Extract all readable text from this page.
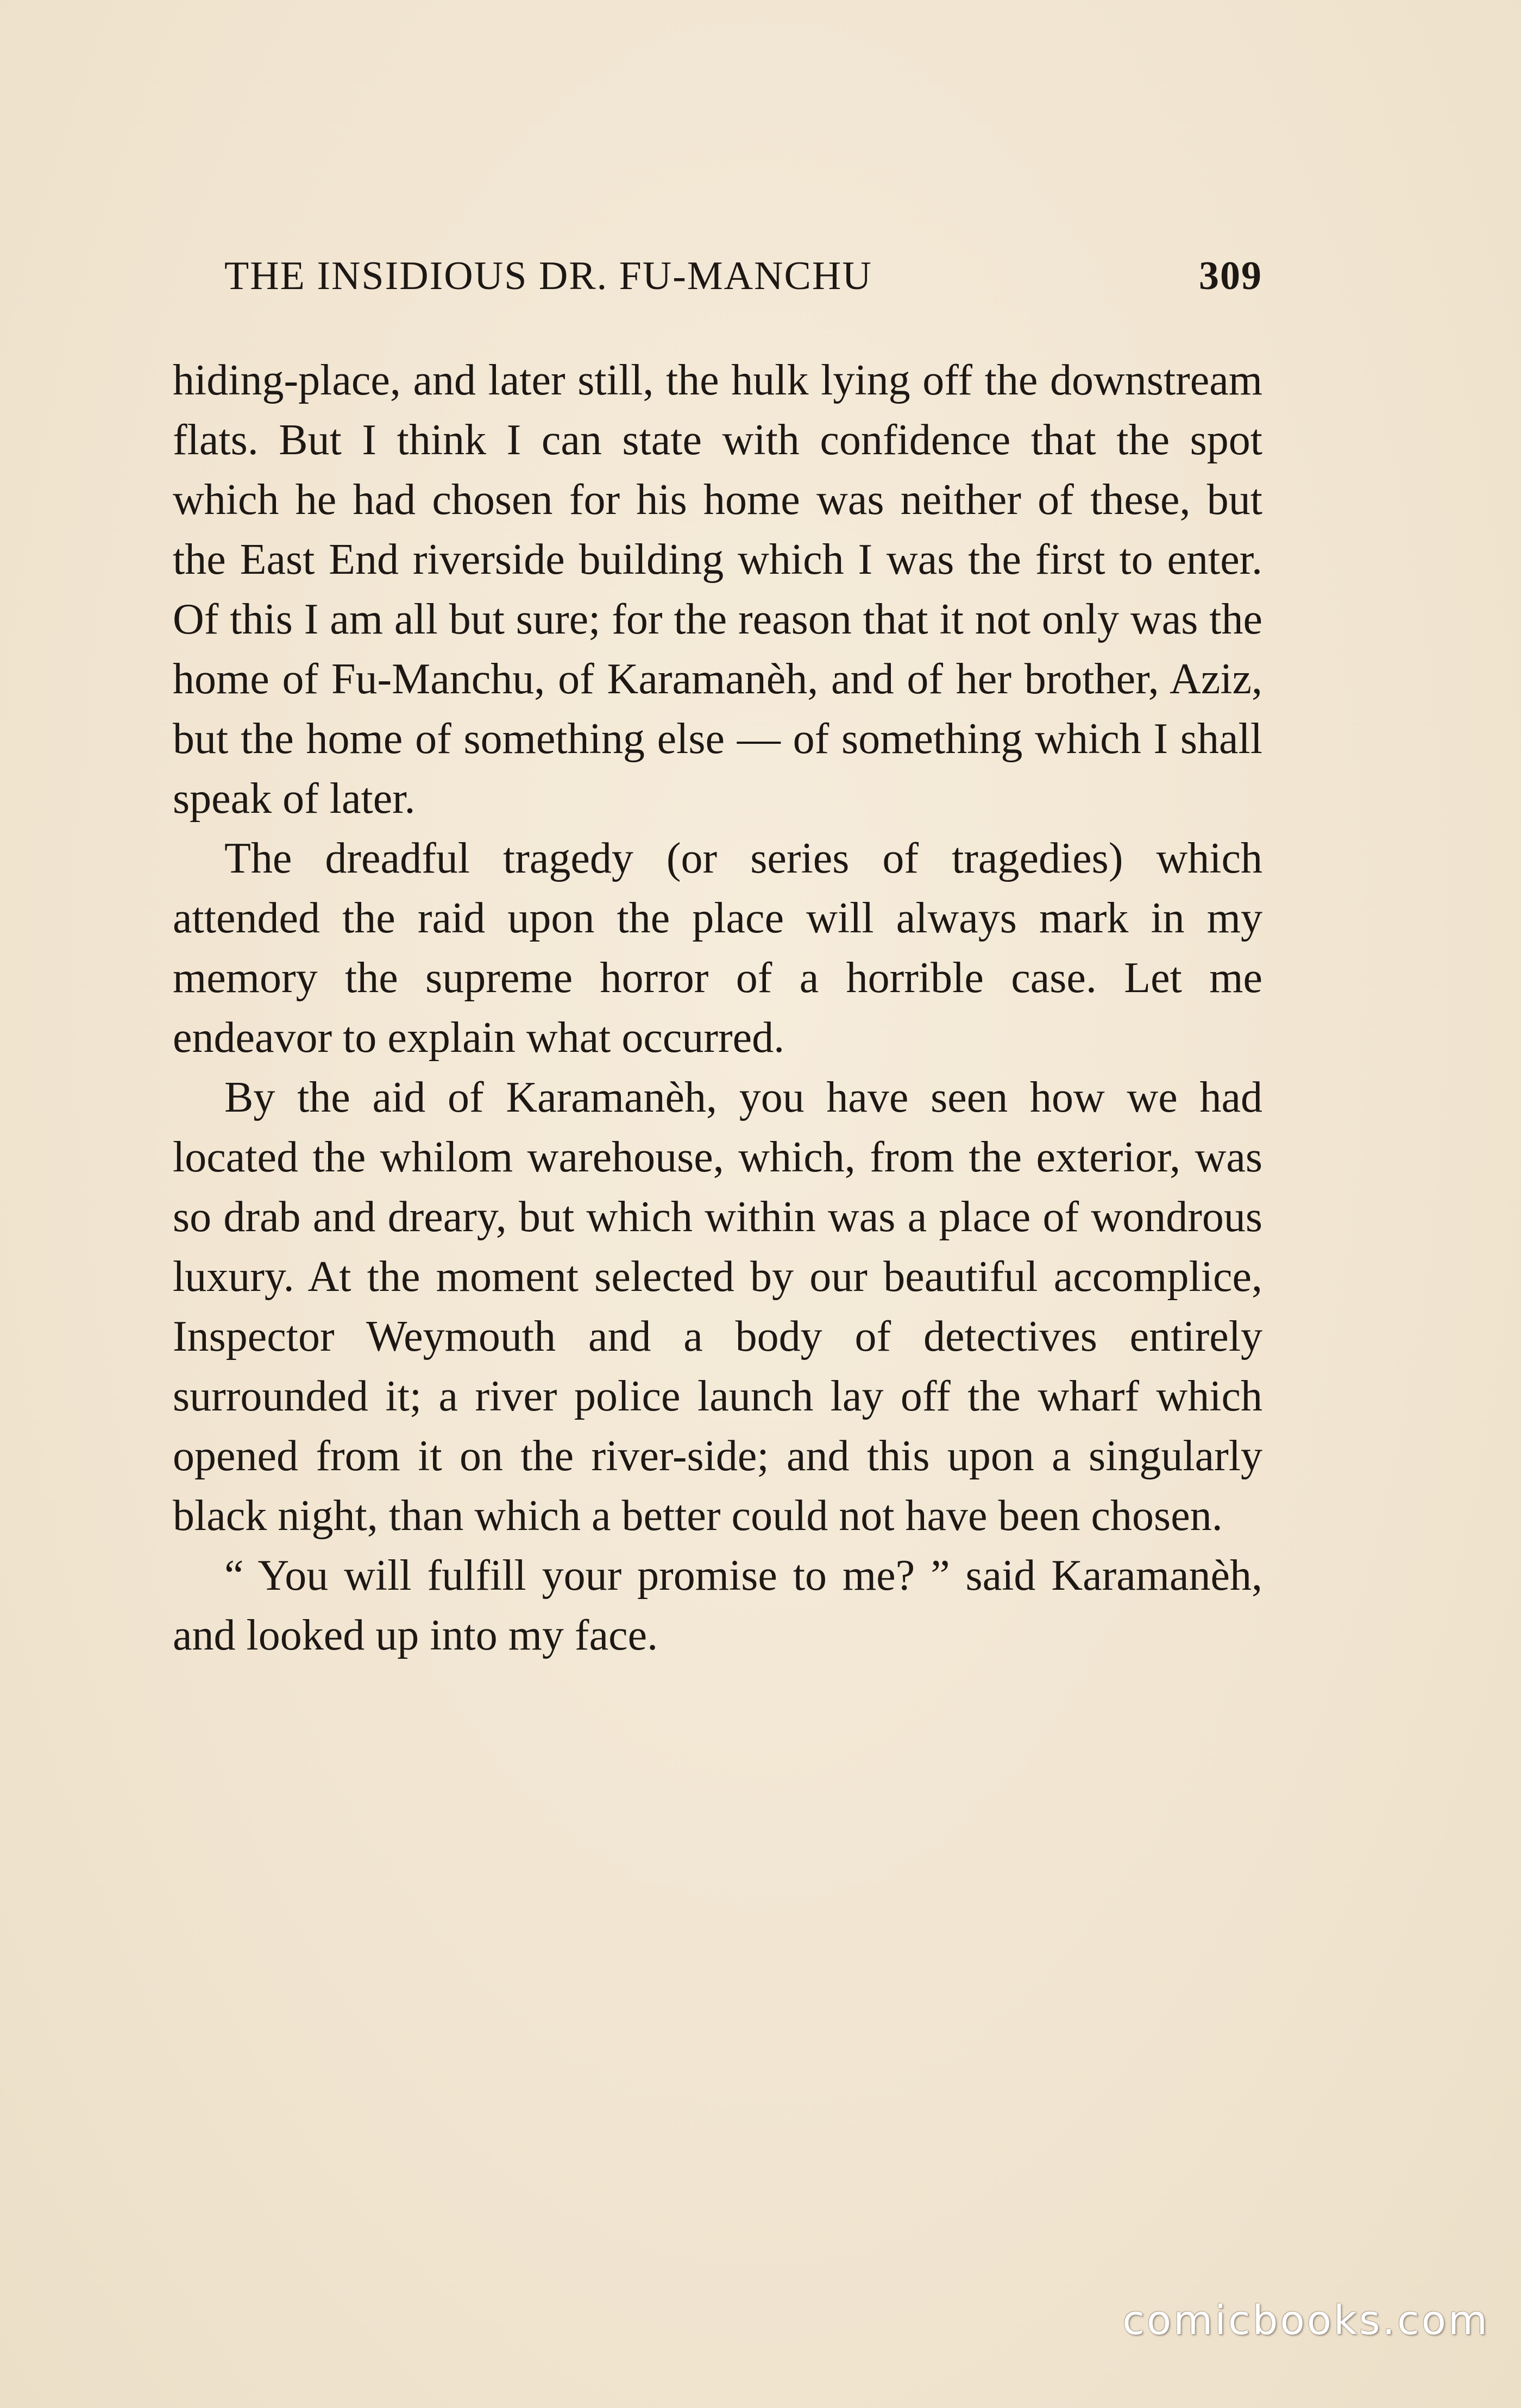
THE INSIDIOUS DR. FU-MANCHU	309

hiding-place, and later still, the hulk lying off the downstream flats. But I think I can state with confidence that the spot which he had chosen for his home was neither of these, but the East End riverside building which I was the first to enter. Of this I am all but sure; for the reason that it not only was the home of Fu-Manchu, of Karamanèh, and of her brother, Aziz, but the home of something else — of something which I shall speak of later.

The dreadful tragedy (or series of tragedies) which attended the raid upon the place will always mark in my memory the supreme horror of a horrible case. Let me endeavor to explain what occurred.

By the aid of Karamanèh, you have seen how we had located the whilom warehouse, which, from the exterior, was so drab and dreary, but which within was a place of wondrous luxury. At the moment selected by our beautiful accomplice, Inspector Weymouth and a body of detectives entirely surrounded it; a river police launch lay off the wharf which opened from it on the river-side; and this upon a singularly black night, than which a better could not have been chosen.

“ You will fulfill your promise to me? ” said Karamanèh, and looked up into my face.

comicbooks.com
